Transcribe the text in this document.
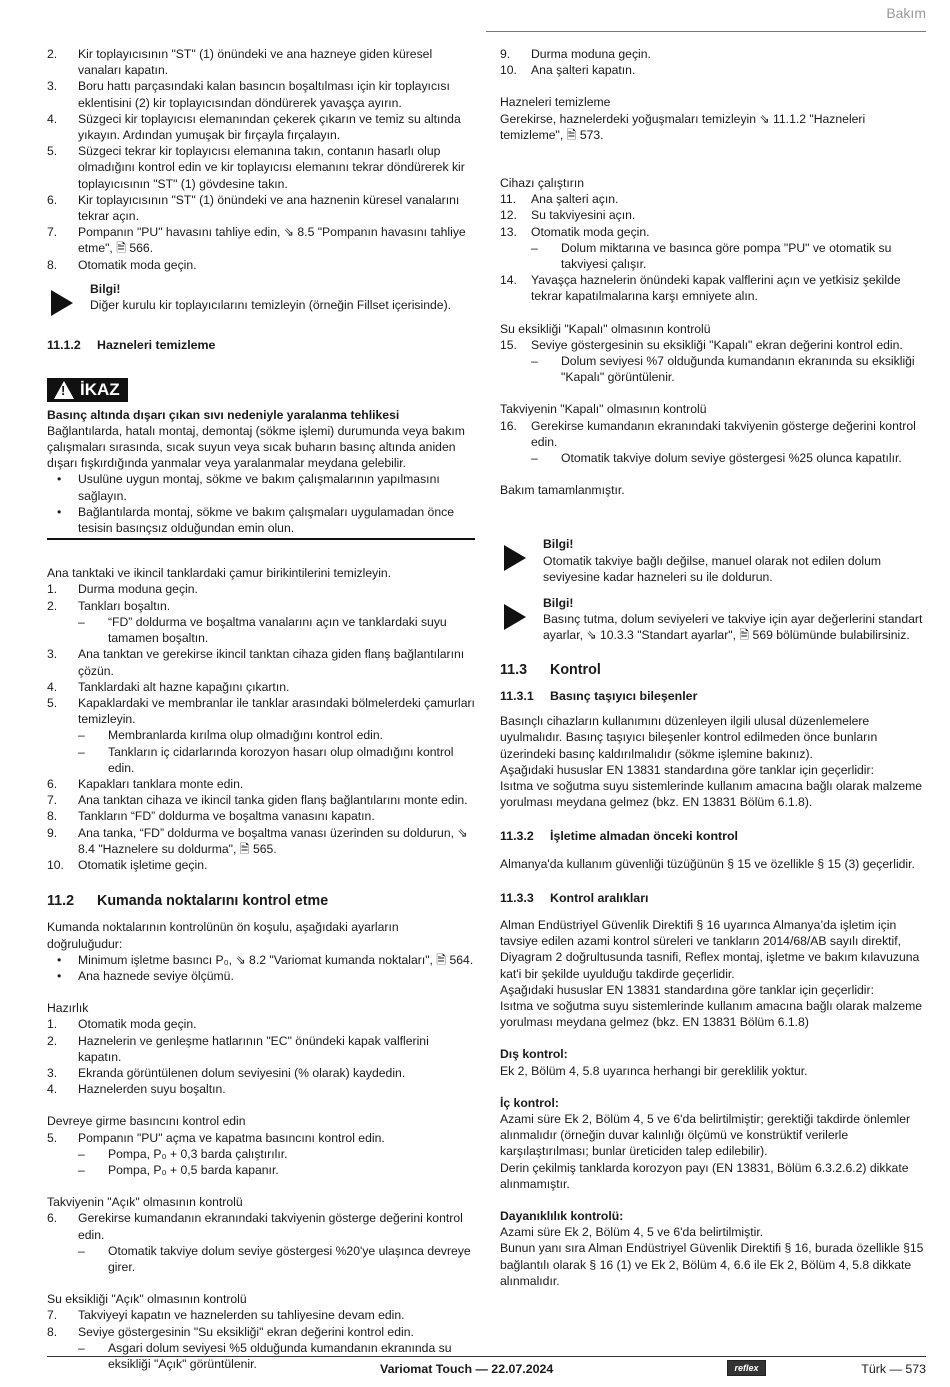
Bakım
2. Kir toplayıcısının "ST" (1) önündeki ve ana hazneye giden küresel vanaları kapatın.
3. Boru hattı parçasındaki kalan basıncın boşaltılması için kir toplayıcısı eklentisini (2) kir toplayıcısından döndürerek yavaşça ayırın.
4. Süzgeci kir toplayıcısı elemanından çekerek çıkarın ve temiz su altında yıkayın. Ardından yumuşak bir fırçayla fırçalayın.
5. Süzgeci tekrar kir toplayıcısı elemanına takın, contanın hasarlı olup olmadığını kontrol edin ve kir toplayıcısı elemanını tekrar döndürerek kir toplayıcısının "ST" (1) gövdesine takın.
6. Kir toplayıcısının "ST" (1) önündeki ve ana haznenin küresel vanalarını tekrar açın.
7. Pompanın "PU" havasını tahliye edin, ⇘ 8.5 "Pompanın havasını tahliye etme", 🗎 566.
8. Otomatik moda geçin.

Bilgi!

Diğer kurulu kir toplayıcılarını temizleyin (örneğin Fillset içerisinde).

11.1.2 Hazneleri temizleme
! İKAZ

Basınç altında dışarı çıkan sıvı nedeniyle yaralanma tehlikesi

Bağlantılarda, hatalı montaj, demontaj (sökme işlemi) durumunda veya bakım çalışmaları sırasında, sıcak suyun veya sıcak buharın basınç altında aniden dışarı fışkırdığında yanmalar veya yaralanmalar meydana gelebilir.

• Usulüne uygun montaj, sökme ve bakım çalışmalarının yapılmasını sağlayın.
• Bağlantılarda montaj, sökme ve bakım çalışmaları uygulamadan önce tesisin basınçsız olduğundan emin olun.

Ana tanktaki ve ikincil tanklardaki çamur birikintilerini temizleyin.

1. Durma moduna geçin.
2. Tankları boşaltın.
– “FD” doldurma ve boşaltma vanalarını açın ve tanklardaki suyu tamamen boşaltın.
3. Ana tanktan ve gerekirse ikincil tanktan cihaza giden flanş bağlantılarını çözün.
4. Tanklardaki alt hazne kapağını çıkartın.
5. Kapaklardaki ve membranlar ile tanklar arasındaki bölmelerdeki çamurları temizleyin.
– Membranlarda kırılma olup olmadığını kontrol edin.
– Tankların iç cidarlarında korozyon hasarı olup olmadığını kontrol edin.
6. Kapakları tanklara monte edin.
7. Ana tanktan cihaza ve ikincil tanka giden flanş bağlantılarını monte edin.
8. Tankların “FD” doldurma ve boşaltma vanasını kapatın.
9. Ana tanka, “FD” doldurma ve boşaltma vanası üzerinden su doldurun, ⇘ 8.4 "Haznelere su doldurma", 🗎 565.
10. Otomatik işletime geçin.
11.2 Kumanda noktalarını kontrol etme

Kumanda noktalarının kontrolünün ön koşulu, aşağıdaki ayarların doğruluğudur:

• Minimum işletme basıncı P₀, ⇘ 8.2 "Variomat kumanda noktaları", 🗎 564.
• Ana haznede seviye ölçümü.

Hazırlık

1. Otomatik moda geçin.
2. Haznelerin ve genleşme hatlarının "EC" önündeki kapak valflerini kapatın.
3. Ekranda görüntülenen dolum seviyesini (% olarak) kaydedin.
4. Haznelerden suyu boşaltın.

Devreye girme basıncını kontrol edin

5. Pompanın "PU" açma ve kapatma basıncını kontrol edin.
– Pompa, P₀ + 0,3 barda çalıştırılır.
– Pompa, P₀ + 0,5 barda kapanır.

Takviyenin "Açık" olmasının kontrolü

6. Gerekirse kumandanın ekranındaki takviyenin gösterge değerini kontrol edin.
– Otomatik takviye dolum seviye göstergesi %20'ye ulaşınca devreye girer.

Su eksikliği "Açık" olmasının kontrolü

7. Takviyeyi kapatın ve haznelerden su tahliyesine devam edin.
8. Seviye göstergesinin "Su eksikliği" ekran değerini kontrol edin.
– Asgari dolum seviyesi %5 olduğunda kumandanın ekranında su eksikliği "Açık" görüntülenir.
9. Durma moduna geçin.
10. Ana şalteri kapatın.

Hazneleri temizleme

Gerekirse, haznelerdeki yoğuşmaları temizleyin ⇘ 11.1.2 "Hazneleri temizleme", 🗎 573.

Cihazı çalıştırın

11. Ana şalteri açın.
12. Su takviyesini açın.
13. Otomatik moda geçin.
– Dolum miktarına ve basınca göre pompa "PU" ve otomatik su takviyesi çalışır.
14. Yavaşça haznelerin önündeki kapak valflerini açın ve yetkisiz şekilde tekrar kapatılmalarına karşı emniyete alın.

Su eksikliği "Kapalı" olmasının kontrolü

15. Seviye göstergesinin su eksikliği "Kapalı" ekran değerini kontrol edin.
– Dolum seviyesi %7 olduğunda kumandanın ekranında su eksikliği "Kapalı" görüntülenir.

Takviyenin "Kapalı" olmasının kontrolü

16. Gerekirse kumandanın ekranındaki takviyenin gösterge değerini kontrol edin.
– Otomatik takviye dolum seviye göstergesi %25 olunca kapatılır.

Bakım tamamlanmıştır.

Bilgi!

Otomatik takviye bağlı değilse, manuel olarak not edilen dolum seviyesine kadar hazneleri su ile doldurun.

Bilgi!

Basınç tutma, dolum seviyeleri ve takviye için ayar değerlerini standart ayarlar, ⇘ 10.3.3 "Standart ayarlar", 🗎 569 bölümünde bulabilirsiniz.

11.3 Kontrol
11.3.1 Basınç taşıyıcı bileşenler

Basınçlı cihazların kullanımını düzenleyen ilgili ulusal düzenlemelere uyulmalıdır. Basınç taşıyıcı bileşenler kontrol edilmeden önce bunların üzerindeki basınç kaldırılmalıdır (sökme işlemine bakınız).

Aşağıdaki hususlar EN 13831 standardına göre tanklar için geçerlidir:

Isıtma ve soğutma suyu sistemlerinde kullanım amacına bağlı olarak malzeme yorulması meydana gelmez (bkz. EN 13831 Bölüm 6.1.8).

11.3.2 İşletime almadan önceki kontrol

Almanya'da kullanım güvenliği tüzüğünün § 15 ve özellikle § 15 (3) geçerlidir.

11.3.3 Kontrol aralıkları

Alman Endüstriyel Güvenlik Direktifi § 16 uyarınca Almanya’da işletim için tavsiye edilen azami kontrol süreleri ve tankların 2014/68/AB sayılı direktif, Diyagram 2 doğrultusunda tasnifi, Reflex montaj, işletme ve bakım kılavuzuna kat'i bir şekilde uyulduğu takdirde geçerlidir.

Aşağıdaki hususlar EN 13831 standardına göre tanklar için geçerlidir:

Isıtma ve soğutma suyu sistemlerinde kullanım amacına bağlı olarak malzeme yorulması meydana gelmez (bkz. EN 13831 Bölüm 6.1.8)

Dış kontrol:

Ek 2, Bölüm 4, 5.8 uyarınca herhangi bir gereklilik yoktur.

İç kontrol:

Azami süre Ek 2, Bölüm 4, 5 ve 6'da belirtilmiştir; gerektiği takdirde önlemler alınmalıdır (örneğin duvar kalınlığı ölçümü ve konstrüktif verilerle karşılaştırılması; bunlar üreticiden talep edilebilir).

Derin çekilmiş tanklarda korozyon payı (EN 13831, Bölüm 6.3.2.6.2) dikkate alınmamıştır.

Dayanıklılık kontrolü:

Azami süre Ek 2, Bölüm 4, 5 ve 6'da belirtilmiştir.

Bunun yanı sıra Alman Endüstriyel Güvenlik Direktifi § 16, burada özellikle §15 bağlantılı olarak § 16 (1) ve Ek 2, Bölüm 4, 6.6 ile Ek 2, Bölüm 4, 5.8 dikkate alınmalıdır.

Variomat Touch — 22.07.2024	reflex	Türk — 573
